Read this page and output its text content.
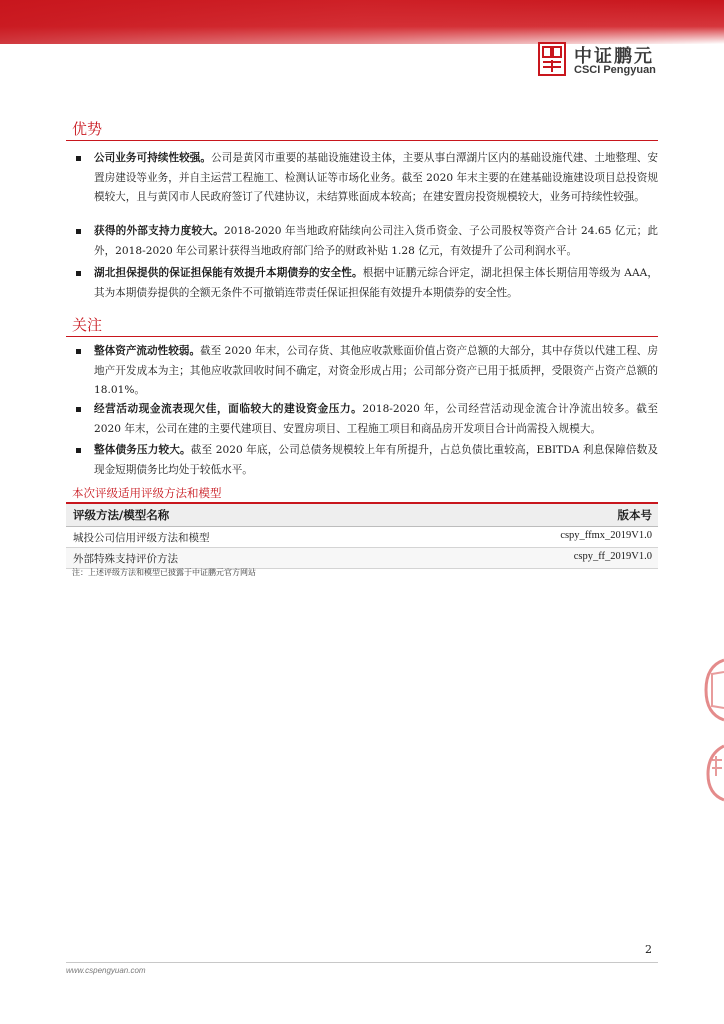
中证鹏元
CSCI Pengyuan
优势
公司业务可持续性较强。公司是黄冈市重要的基础设施建设主体，主要从事白潭湖片区内的基础设施代建、土地整理、安置房建设等业务，并自主运营工程施工、检测认证等市场化业务。截至 2020 年末主要的在建基础设施建设项目总投资规模较大，且与黄冈市人民政府签订了代建协议，未结算账面成本较高；在建安置房投资规模较大，业务可持续性较强。
获得的外部支持力度较大。2018-2020 年当地政府陆续向公司注入货币资金、子公司股权等资产合计 24.65 亿元；此外，2018-2020 年公司累计获得当地政府部门给予的财政补贴 1.28 亿元，有效提升了公司利润水平。
湖北担保提供的保证担保能有效提升本期债券的安全性。根据中证鹏元综合评定，湖北担保主体长期信用等级为 AAA，其为本期债券提供的全额无条件不可撤销连带责任保证担保能有效提升本期债券的安全性。
关注
整体资产流动性较弱。截至 2020 年末，公司存货、其他应收款账面价值占资产总额的大部分，其中存货以代建工程、房地产开发成本为主；其他应收款回收时间不确定，对资金形成占用；公司部分资产已用于抵质押，受限资产占资产总额的 18.01%。
经营活动现金流表现欠佳，面临较大的建设资金压力。2018-2020 年，公司经营活动现金流合计净流出较多。截至 2020 年末，公司在建的主要代建项目、安置房项目、工程施工项目和商品房开发项目合计尚需投入规模大。
整体债务压力较大。截至 2020 年底，公司总债务规模较上年有所提升，占总负债比重较高，EBITDA 利息保障倍数及现金短期债务比均处于较低水平。
本次评级适用评级方法和模型
评级方法/模型名称	版本号
城投公司信用评级方法和模型	cspy_ffmx_2019V1.0
外部特殊支持评价方法	cspy_ff_2019V1.0
注：上述评级方法和模型已披露于中证鹏元官方网站
2
www.cspengyuan.com
